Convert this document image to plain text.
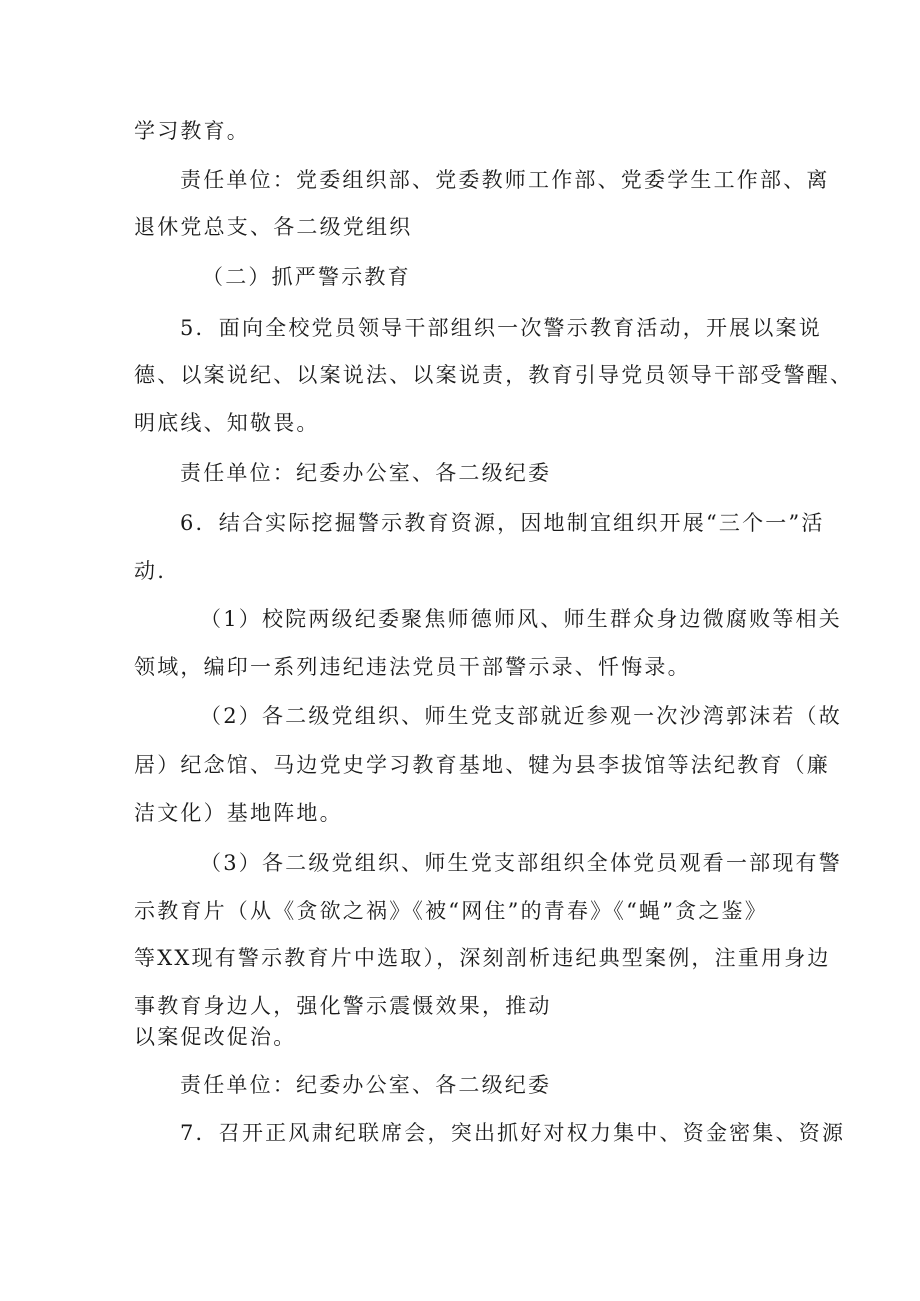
学习教育。
责任单位：党委组织部、党委教师工作部、党委学生工作部、离
退休党总支、各二级党组织
（二）抓严警示教育
5．面向全校党员领导干部组织一次警示教育活动，开展以案说
德、以案说纪、以案说法、以案说责，教育引导党员领导干部受警醒、
明底线、知敬畏。
责任单位：纪委办公室、各二级纪委
6．结合实际挖掘警示教育资源，因地制宜组织开展“三个一”活
动.
（1）校院两级纪委聚焦师德师风、师生群众身边微腐败等相关
领域，编印一系列违纪违法党员干部警示录、忏悔录。
（2）各二级党组织、师生党支部就近参观一次沙湾郭沫若（故
居）纪念馆、马边党史学习教育基地、犍为县李拔馆等法纪教育（廉
洁文化）基地阵地。
（3）各二级党组织、师生党支部组织全体党员观看一部现有警
示教育片（从《贪欲之祸》《被“网住”的青春》《“蝇”贪之鉴》
等XX现有警示教育片中选取），深刻剖析违纪典型案例，注重用身边
事教育身边人，强化警示震慑效果，推动
以案促改促治。
责任单位：纪委办公室、各二级纪委
7．召开正风肃纪联席会，突出抓好对权力集中、资金密集、资源
